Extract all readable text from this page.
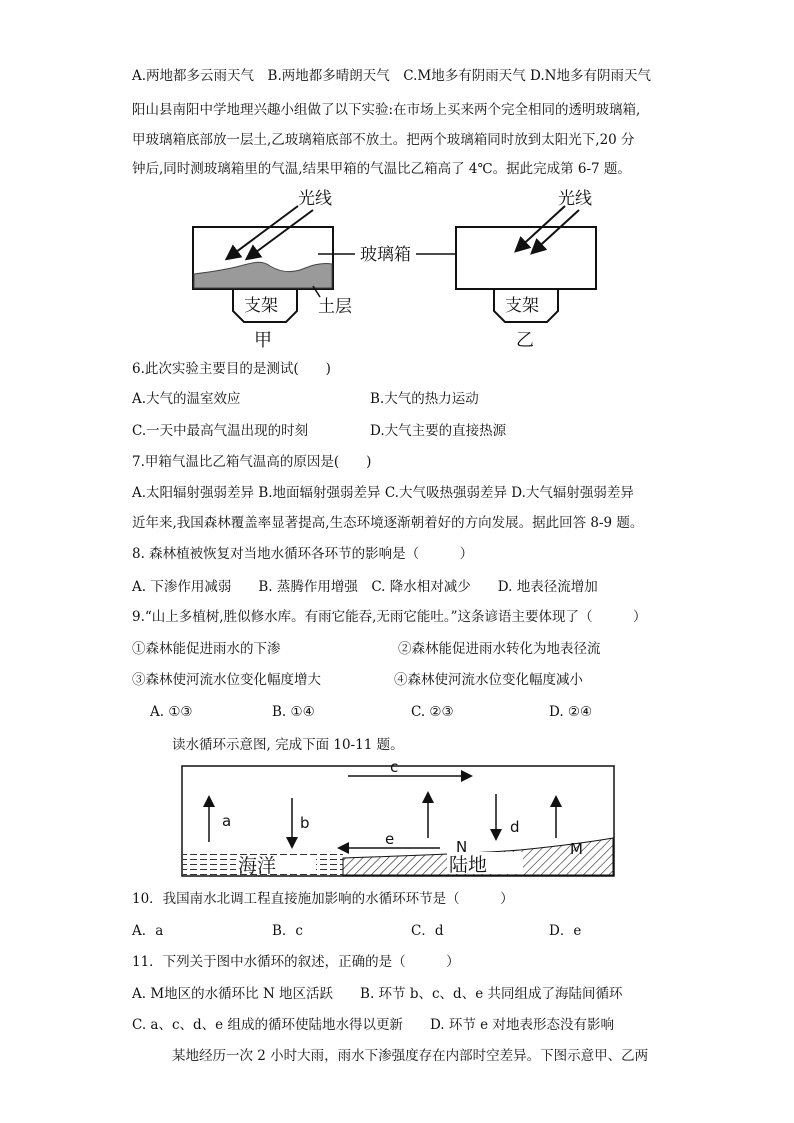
A.两地都多云雨天气　B.两地都多晴朗天气　C.M地多有阴雨天气 D.N地多有阴雨天气
阳山县南阳中学地理兴趣小组做了以下实验:在市场上买来两个完全相同的透明玻璃箱,
甲玻璃箱底部放一层土,乙玻璃箱底部不放土。把两个玻璃箱同时放到太阳光下,20 分
钟后,同时测玻璃箱里的气温,结果甲箱的气温比乙箱高了 4℃。据此完成第 6-7 题。
光线
支架 土层
甲
玻璃箱
光线
支架
乙
6.此次实验主要目的是测试(　　)
A.大气的温室效应	B.大气的热力运动
C.一天中最高气温出现的时刻	D.大气主要的直接热源
7.甲箱气温比乙箱气温高的原因是(　　)
A.太阳辐射强弱差异 B.地面辐射强弱差异 C.大气吸热强弱差异 D.大气辐射强弱差异
近年来,我国森林覆盖率显著提高,生态环境逐渐朝着好的方向发展。据此回答 8-9 题。
8. 森林植被恢复对当地水循环各环节的影响是（　　　）
A. 下渗作用减弱　　B. 蒸腾作用增强　C. 降水相对减少　　D. 地表径流增加
9.“山上多植树,胜似修水库。有雨它能吞,无雨它能吐。”这条谚语主要体现了（　　　）
①森林能促进雨水的下渗	②森林能促进雨水转化为地表径流
③森林使河流水位变化幅度增大	④森林使河流水位变化幅度减小
A. ①③	B. ①④	C. ②③	D. ②④
读水循环示意图, 完成下面 10-11 题。
海洋	陆地
a	b
c
d
e	N	M
10．我国南水北调工程直接施加影响的水循环环节是（　　　）
A．a	B．c	C．d	D．e
11．下列关于图中水循环的叙述，正确的是（　　　）
A. M地区的水循环比 N 地区活跃　　B. 环节 b、c、d、e 共同组成了海陆间循环
C. a、c、d、e 组成的循环使陆地水得以更新　　D. 环节 e 对地表形态没有影响
某地经历一次 2 小时大雨，雨水下渗强度存在内部时空差异。下图示意甲、乙两
